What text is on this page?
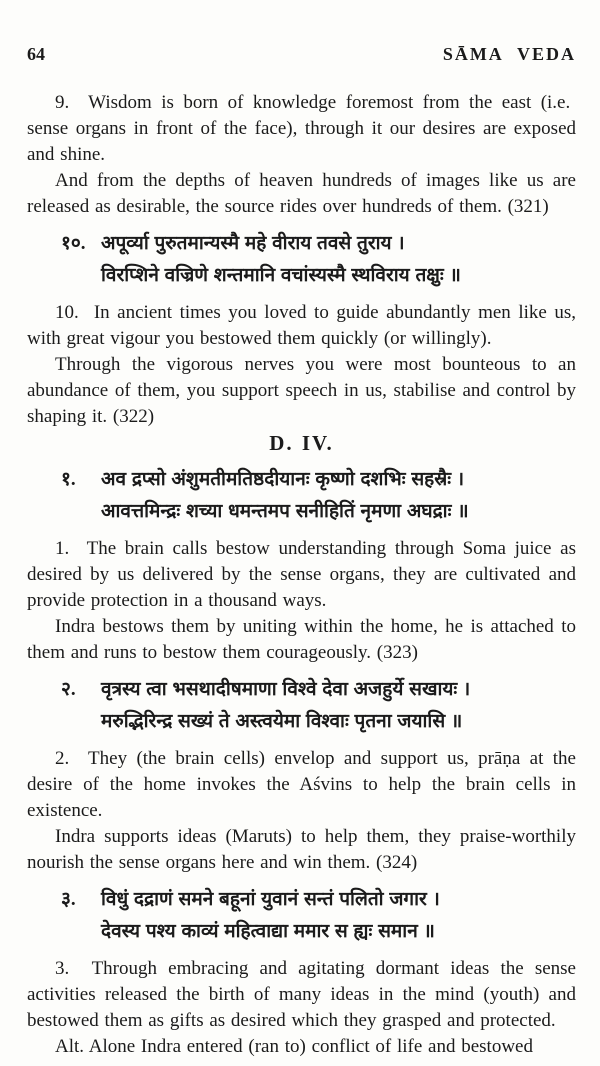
64	SĀMA VEDA

9.  Wisdom is born of knowledge foremost from the east (i.e.  sense organs in front of the face), through it our desires are exposed and shine.

And from the depths of heaven hundreds of images like us are released as desirable, the source rides over hundreds of them. (321)

१०. अपूर्व्या पुरुतमान्यस्मै महे वीराय तवसे तुराय ।
विरप्शिने वज्रिणे शन्तमानि वचांस्यस्मै स्थविराय तक्षुः ॥

10.  In ancient times you loved to guide abundantly men like us, with great vigour you bestowed them quickly (or willingly).

Through the vigorous nerves you were most bounteous to an abundance of them, you support speech in us, stabilise and control by shaping it. (322)

D. IV.

१.	अव द्रप्सो अंशुमतीमतिष्ठदीयानः कृष्णो दशभिः सहस्रैः ।
आवत्तमिन्द्रः शच्या धमन्तमप सनीहितिं नृमणा अघद्राः ॥

1.  The brain calls bestow understanding through Soma juice as desired by us delivered by the sense organs, they are cultivated and provide protection in a thousand ways.

Indra bestows them by uniting within the home, he is attached to them and runs to bestow them courageously. (323)

२.	वृत्रस्य त्वा भसथादीषमाणा विश्वे देवा अजहुर्ये सखायः ।
मरुद्भिरिन्द्र सख्यं ते अस्त्वयेमा विश्वाः पृतना जयासि ॥

2.  They (the brain cells) envelop and support us, prāṇa at the desire of the home invokes the Aśvins to help the brain cells in existence.

Indra supports ideas (Maruts) to help them, they praise-worthily nourish the sense organs here and win them. (324)

३.	विधुं दद्राणं समने बहूनां युवानं सन्तं पलितो जगार ।
देवस्य पश्य काव्यं महित्वाद्या ममार स ह्यः समान ॥

3.  Through embracing and agitating dormant ideas the sense activities released the birth of many ideas in the mind (youth) and bestowed them as gifts as desired which they grasped and protected.

Alt. Alone Indra entered (ran to) conflict of life and bestowed
